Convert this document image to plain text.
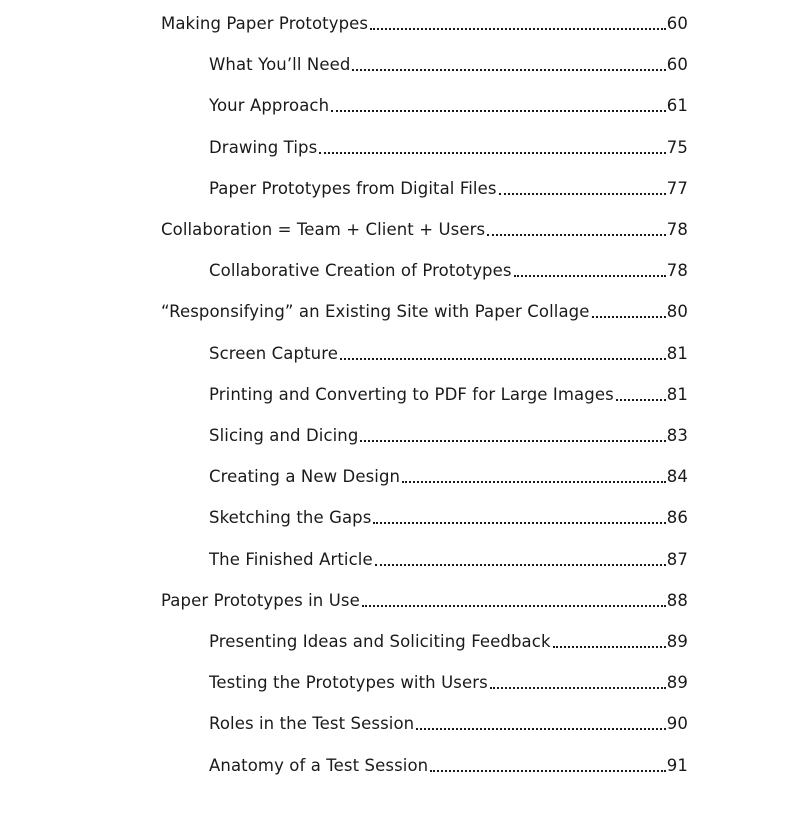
Making Paper Prototypes	60
What You’ll Need	60
Your Approach	61
Drawing Tips	75
Paper Prototypes from Digital Files	77
Collaboration = Team + Client + Users	78
Collaborative Creation of Prototypes	78
“Responsifying” an Existing Site with Paper Collage	80
Screen Capture	81
Printing and Converting to PDF for Large Images	81
Slicing and Dicing	83
Creating a New Design	84
Sketching the Gaps	86
The Finished Article	87
Paper Prototypes in Use	88
Presenting Ideas and Soliciting Feedback	89
Testing the Prototypes with Users	89
Roles in the Test Session	90
Anatomy of a Test Session	91
